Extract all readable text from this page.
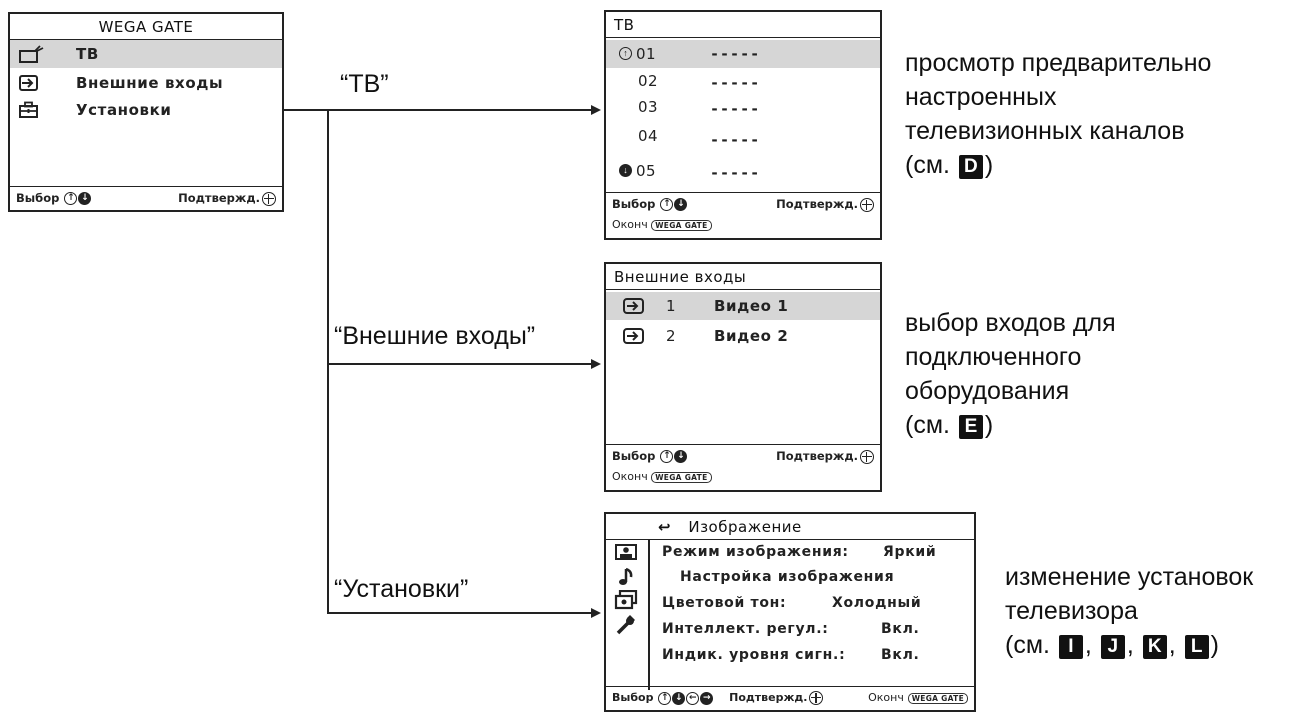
WEGA GATE
ТВ
Внешние входы
Установки
Выбор ↑ ↓	Подтвержд.
“ТВ”
“Внешние входы”
“Установки”
ТВ
↑ 01	-----
02	-----
03	-----
04	-----
↓ 05	-----
Выбор ↑ ↓	Подтвержд.
Оконч WEGA GATE
Внешние входы
1	Видео 1
2	Видео 2
Выбор ↑ ↓	Подтвержд.
Оконч WEGA GATE
↩ Изображение
Режим изображения: Яркий
Настройка изображения
Цветовой тон:	Холодный
Интеллект. регул.:	Вкл.
Индик. уровня сигн.:	Вкл.
Выбор ↑ ↓ ← → Подтвержд.	Оконч WEGA GATE
просмотр предварительно
настроенных
телевизионных каналов
(см. D )
выбор входов для
подключенного
оборудования
(см. E )
изменение установок
телевизора
(см. I , J , K , L )
